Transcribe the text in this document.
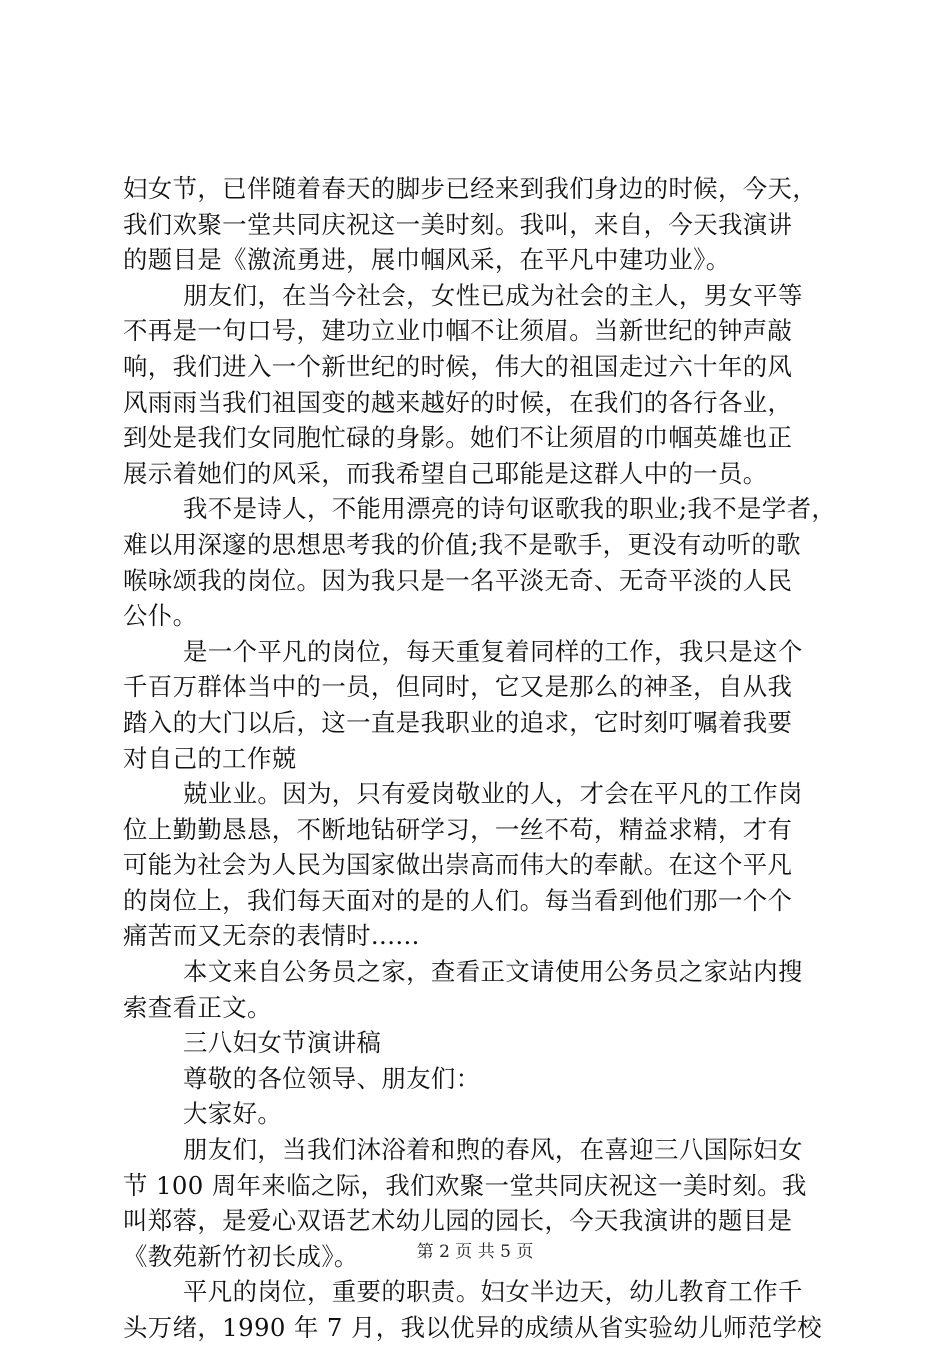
妇女节，已伴随着春天的脚步已经来到我们身边的时候，今天，
我们欢聚一堂共同庆祝这一美时刻。我叫，来自，今天我演讲
的题目是《激流勇进，展巾帼风采，在平凡中建功业》。
朋友们，在当今社会，女性已成为社会的主人，男女平等
不再是一句口号，建功立业巾帼不让须眉。当新世纪的钟声敲
响，我们进入一个新世纪的时候，伟大的祖国走过六十年的风
风雨雨当我们祖国变的越来越好的时候，在我们的各行各业，
到处是我们女同胞忙碌的身影。她们不让须眉的巾帼英雄也正
展示着她们的风采，而我希望自己耶能是这群人中的一员。
我不是诗人，不能用漂亮的诗句讴歌我的职业;我不是学者，
难以用深邃的思想思考我的价值;我不是歌手，更没有动听的歌
喉咏颂我的岗位。因为我只是一名平淡无奇、无奇平淡的人民
公仆。
是一个平凡的岗位，每天重复着同样的工作，我只是这个
千百万群体当中的一员，但同时，它又是那么的神圣，自从我
踏入的大门以后，这一直是我职业的追求，它时刻叮嘱着我要
对自己的工作兢
兢业业。因为，只有爱岗敬业的人，才会在平凡的工作岗
位上勤勤恳恳，不断地钻研学习，一丝不苟，精益求精，才有
可能为社会为人民为国家做出崇高而伟大的奉献。在这个平凡
的岗位上，我们每天面对的是的人们。每当看到他们那一个个
痛苦而又无奈的表情时......
本文来自公务员之家，查看正文请使用公务员之家站内搜
索查看正文。
三八妇女节演讲稿
尊敬的各位领导、朋友们：
大家好。
朋友们，当我们沐浴着和煦的春风，在喜迎三八国际妇女
节 100 周年来临之际，我们欢聚一堂共同庆祝这一美时刻。我
叫郑蓉，是爱心双语艺术幼儿园的园长，今天我演讲的题目是
《教苑新竹初长成》。
平凡的岗位，重要的职责。妇女半边天，幼儿教育工作千
头万绪，1990 年 7 月，我以优异的成绩从省实验幼儿师范学校
第 2 页 共 5 页
